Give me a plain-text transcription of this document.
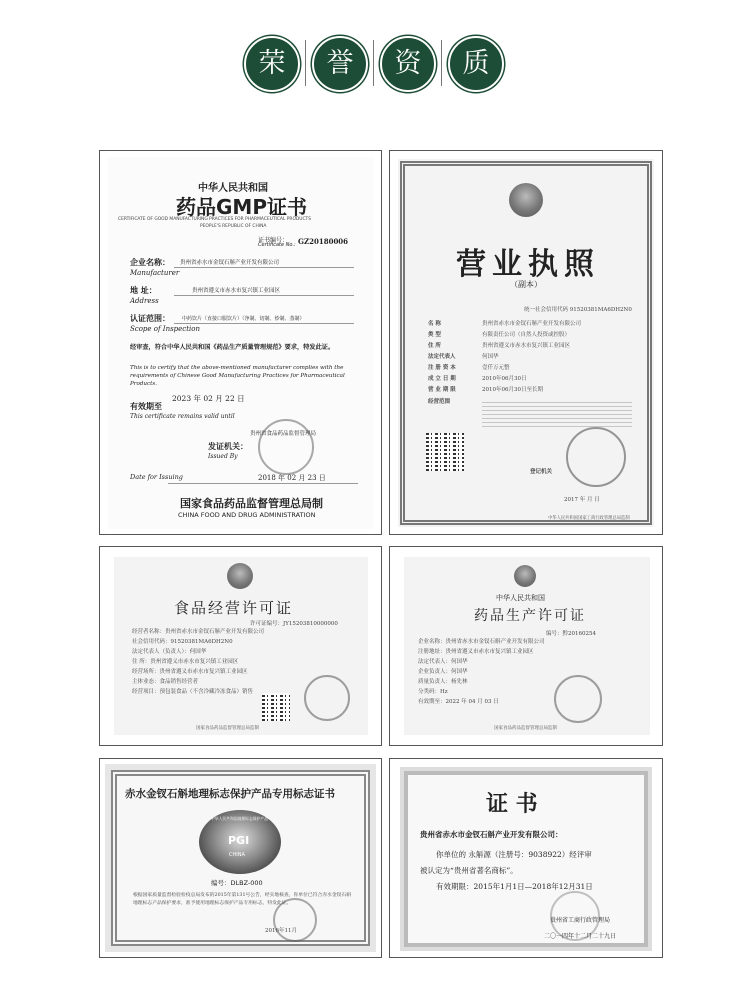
荣	誉	资	质
中华人民共和国
药品GMP证书
CERTIFICATE OF GOOD MANUFACTURING PRACTICES FOR PHARMACEUTICAL PRODUCTS
PEOPLE'S REPUBLIC OF CHINA
证书编号：
Certificate No.: GZ20180006
企业名称： 贵州省赤水市金钗石斛产业开发有限公司
Manufacturer
地 址：	贵州省遵义市赤水市复兴镇工业园区
Address
认证范围： 中药饮片（直接口服饮片）（净制、切制、炒制、蒸制）
Scope of Inspection
经审查，符合中华人民共和国《药品生产质量管理规范》要求，特发此证。
This is to certify that the above-mentioned manufacturer complies with the requirements of Chinese Good Manufacturing Practices for Pharmaceutical Products.
有效期至
2023 年 02 月 22 日
This certificate remains valid until
贵州省食品药品监督管理局
发证机关：
Issued By
Date for Issuing	2018 年 02 月 23 日
国家食品药品监督管理总局制
CHINA FOOD AND DRUG ADMINISTRATION
营业执照
（副本）
统一社会信用代码 91520381MA6DH2N0
名 称	贵州省赤水市金钗石斛产业开发有限公司
类 型	有限责任公司（自然人投资或控股）
住 所	贵州省遵义市赤水市复兴镇工业园区
法定代表人	何国华
注 册 资 本	壹仟万元整
成 立 日 期	2010年06月30日
营 业 期 限	2010年06月30日至长期
经营范围
登记机关
2017 年 月 日
中华人民共和国国家工商行政管理总局监制
食品经营许可证
许可证编号：JY15203810000000
经营者名称：贵州省赤水市金钗石斛产业开发有限公司
社会信用代码：91520381MA6DH2N0
法定代表人（负责人）：何国华
住 所：贵州省遵义市赤水市复兴镇工业园区
经营场所：贵州省遵义市赤水市复兴镇工业园区
主体业态：食品销售经营者
经营项目：预包装食品（不含冷藏冷冻食品）销售
国家食品药品监督管理总局监制
中华人民共和国
药品生产许可证
编号：黔20160254
企业名称：贵州省赤水市金钗石斛产业开发有限公司
注册地址：贵州省遵义市赤水市复兴镇工业园区
法定代表人：何国华
企业负责人：何国华
质量负责人：杨先林
分类码：Hz
有效期至：2022 年 04 月 03 日
国家食品药品监督管理总局监制
赤水金钗石斛地理标志保护产品专用标志证书
中华人民共和国地理标志保护产品
PGI
CHINA
编号：DLBZ-000
根据国家质量监督检验检疫总局发布的2015年第131号公告，经实地核查，你单位已符合赤水金钗石斛地理标志产品保护要求，准予使用地理标志保护产品专用标志，特发此证。
2016年11月
证 书
贵州省赤水市金钗石斛产业开发有限公司：
你单位的 永斛源（注册号：9038922）经评审
被认定为“贵州省著名商标”。
有效期限：2015年1月1日—2018年12月31日
贵州省工商行政管理局
二〇一四年十二月二十九日
